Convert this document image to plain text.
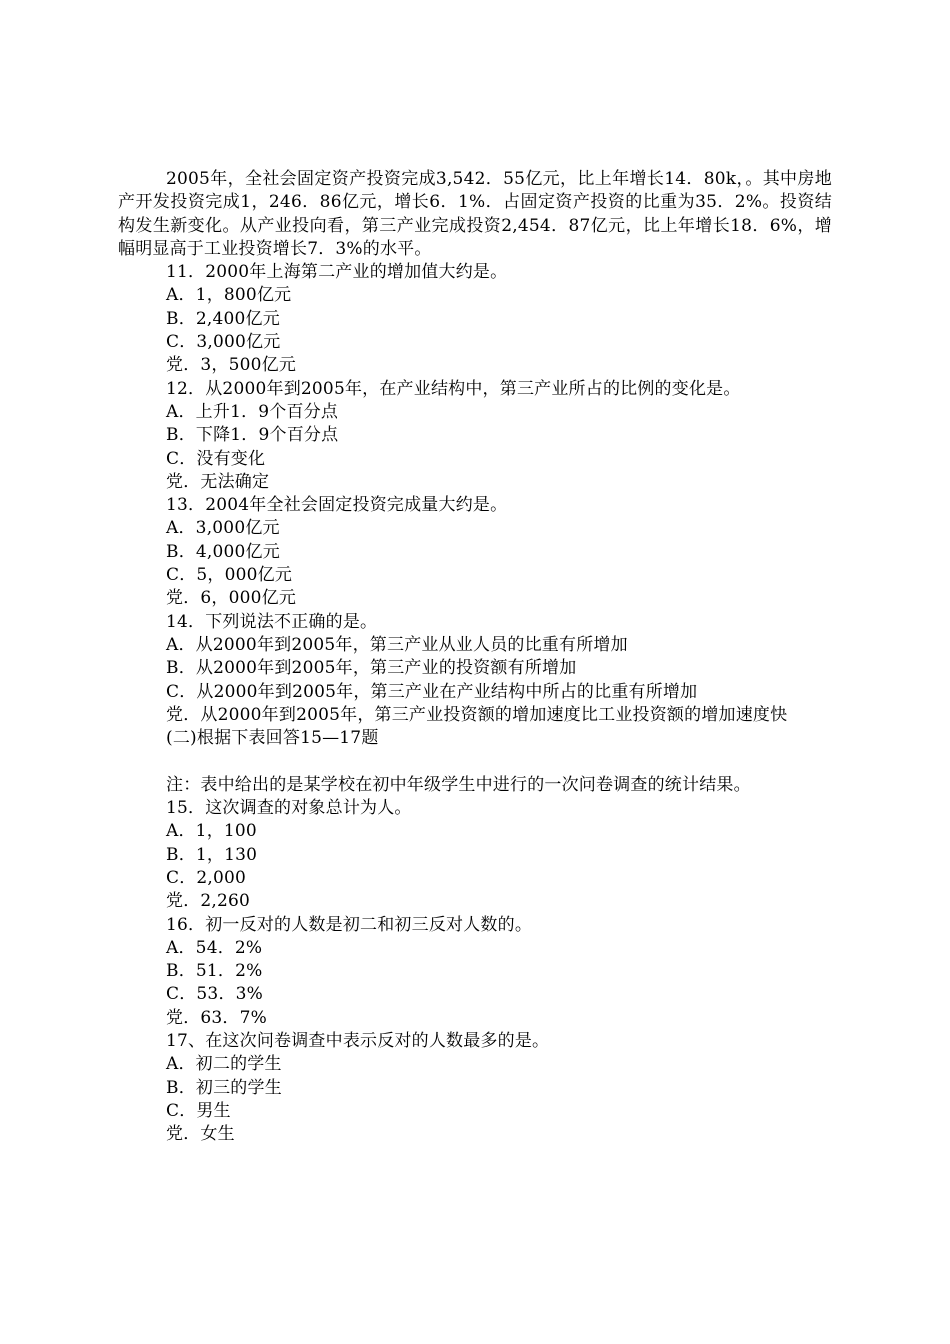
2005年，全社会固定资产投资完成3,542．55亿元，比上年增长14．80k，。其中房地产开发投资完成1，246．86亿元，增长6．1%．占固定资产投资的比重为35．2%。投资结构发生新变化。从产业投向看，第三产业完成投资2,454．87亿元，比上年增长18．6%，增幅明显高于工业投资增长7．3%的水平。

11．2000年上海第二产业的增加值大约是。

A．1，800亿元

B．2,400亿元

C．3,000亿元

党．3，500亿元

12．从2000年到2005年，在产业结构中，第三产业所占的比例的变化是。

A．上升1．9个百分点

B．下降1．9个百分点

C．没有变化

党．无法确定

13．2004年全社会固定投资完成量大约是。

A．3,000亿元

B．4,000亿元

C．5，000亿元

党．6，000亿元

14．下列说法不正确的是。

A．从2000年到2005年，第三产业从业人员的比重有所增加

B．从2000年到2005年，第三产业的投资额有所增加

C．从2000年到2005年，第三产业在产业结构中所占的比重有所增加

党．从2000年到2005年，第三产业投资额的增加速度比工业投资额的增加速度快

(二)根据下表回答15—17题

注：表中给出的是某学校在初中年级学生中进行的一次问卷调查的统计结果。

15．这次调查的对象总计为人。

A．1，100

B．1，130

C．2,000

党．2,260

16．初一反对的人数是初二和初三反对人数的。

A．54．2%

B．51．2%

C．53．3%

党．63．7%

17、在这次问卷调查中表示反对的人数最多的是。

A．初二的学生

B．初三的学生

C．男生

党．女生
